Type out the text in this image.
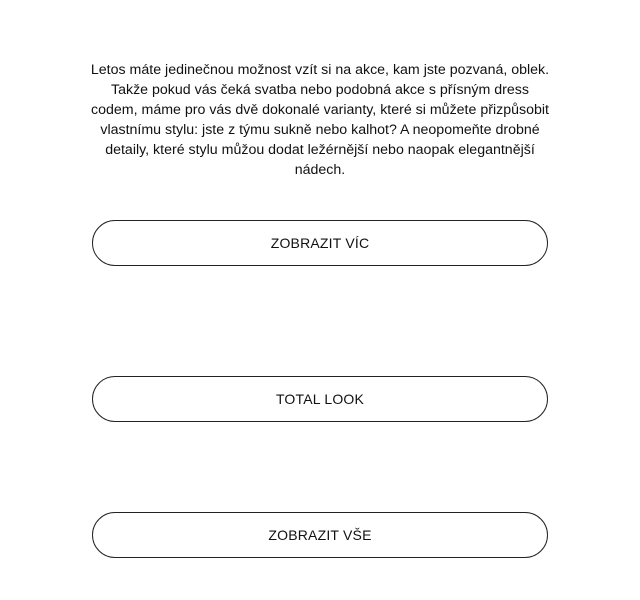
Letos máte jedinečnou možnost vzít si na akce, kam jste pozvaná, oblek. Takže pokud vás čeká svatba nebo podobná akce s přísným dress codem, máme pro vás dvě dokonalé varianty, které si můžete přizpůsobit vlastnímu stylu: jste z týmu sukně nebo kalhot? A neopomeňte drobné detaily, které stylu můžou dodat ležérnější nebo naopak elegantnější nádech.

ZOBRAZIT VÍC
TOTAL LOOK
ZOBRAZIT VŠE
